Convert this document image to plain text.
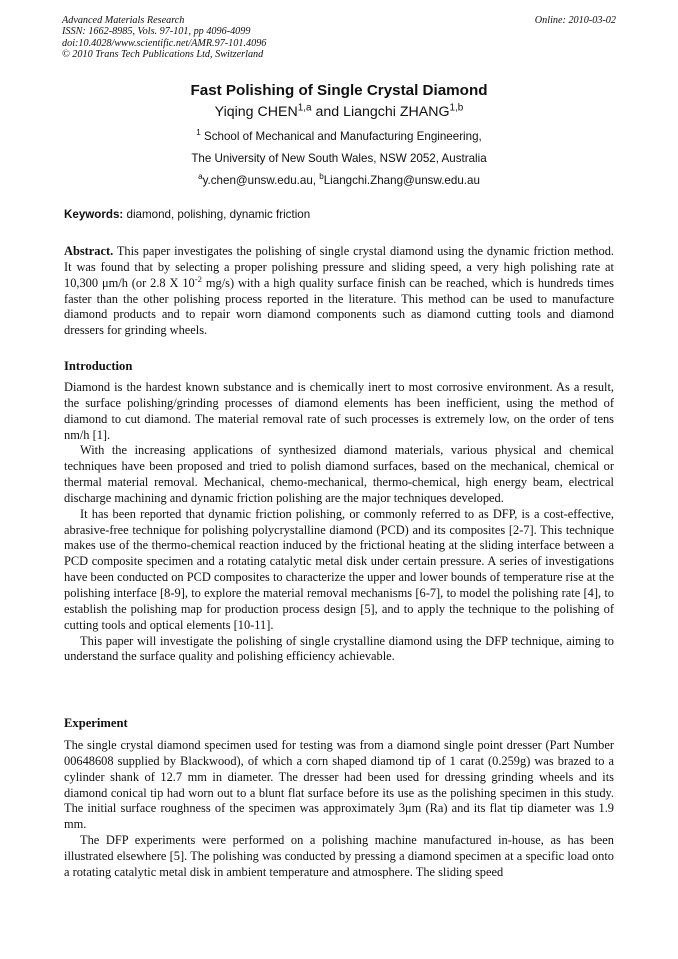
Advanced Materials Research
ISSN: 1662-8985, Vols. 97-101, pp 4096-4099
doi:10.4028/www.scientific.net/AMR.97-101.4096
© 2010 Trans Tech Publications Ltd, Switzerland
Online: 2010-03-02
Fast Polishing of Single Crystal Diamond
Yiqing CHEN$^{1,a}$ and Liangchi ZHANG$^{1,b}$
$^1$ School of Mechanical and Manufacturing Engineering,
The University of New South Wales, NSW 2052, Australia
$^a$y.chen@unsw.edu.au, $^b$Liangchi.Zhang@unsw.edu.au
Keywords: diamond, polishing, dynamic friction

Abstract. This paper investigates the polishing of single crystal diamond using the dynamic friction method. It was found that by selecting a proper polishing pressure and sliding speed, a very high polishing rate at 10,300 μm/h (or 2.8 X $10^{-2}$ mg/s) with a high quality surface finish can be reached, which is hundreds times faster than the other polishing process reported in the literature. This method can be used to manufacture diamond products and to repair worn diamond components such as diamond cutting tools and diamond dressers for grinding wheels.

Introduction

Diamond is the hardest known substance and is chemically inert to most corrosive environment. As a result, the surface polishing/grinding processes of diamond elements has been inefficient, using the method of diamond to cut diamond. The material removal rate of such processes is extremely low, on the order of tens nm/h [1].

With the increasing applications of synthesized diamond materials, various physical and chemical techniques have been proposed and tried to polish diamond surfaces, based on the mechanical, chemical or thermal material removal. Mechanical, chemo-mechanical, thermo-chemical, high energy beam, electrical discharge machining and dynamic friction polishing are the major techniques developed.

It has been reported that dynamic friction polishing, or commonly referred to as DFP, is a cost-effective, abrasive-free technique for polishing polycrystalline diamond (PCD) and its composites [2-7]. This technique makes use of the thermo-chemical reaction induced by the frictional heating at the sliding interface between a PCD composite specimen and a rotating catalytic metal disk under certain pressure. A series of investigations have been conducted on PCD composites to characterize the upper and lower bounds of temperature rise at the polishing interface [8-9], to explore the material removal mechanisms [6-7], to model the polishing rate [4], to establish the polishing map for production process design [5], and to apply the technique to the polishing of cutting tools and optical elements [10-11].

This paper will investigate the polishing of single crystalline diamond using the DFP technique, aiming to understand the surface quality and polishing efficiency achievable.

Experiment

The single crystal diamond specimen used for testing was from a diamond single point dresser (Part Number 00648608 supplied by Blackwood), of which a corn shaped diamond tip of 1 carat (0.259g) was brazed to a cylinder shank of 12.7 mm in diameter. The dresser had been used for dressing grinding wheels and its diamond conical tip had worn out to a blunt flat surface before its use as the polishing specimen in this study. The initial surface roughness of the specimen was approximately 3μm (Ra) and its flat tip diameter was 1.9 mm.

The DFP experiments were performed on a polishing machine manufactured in-house, as has been illustrated elsewhere [5]. The polishing was conducted by pressing a diamond specimen at a specific load onto a rotating catalytic metal disk in ambient temperature and atmosphere. The sliding speed
